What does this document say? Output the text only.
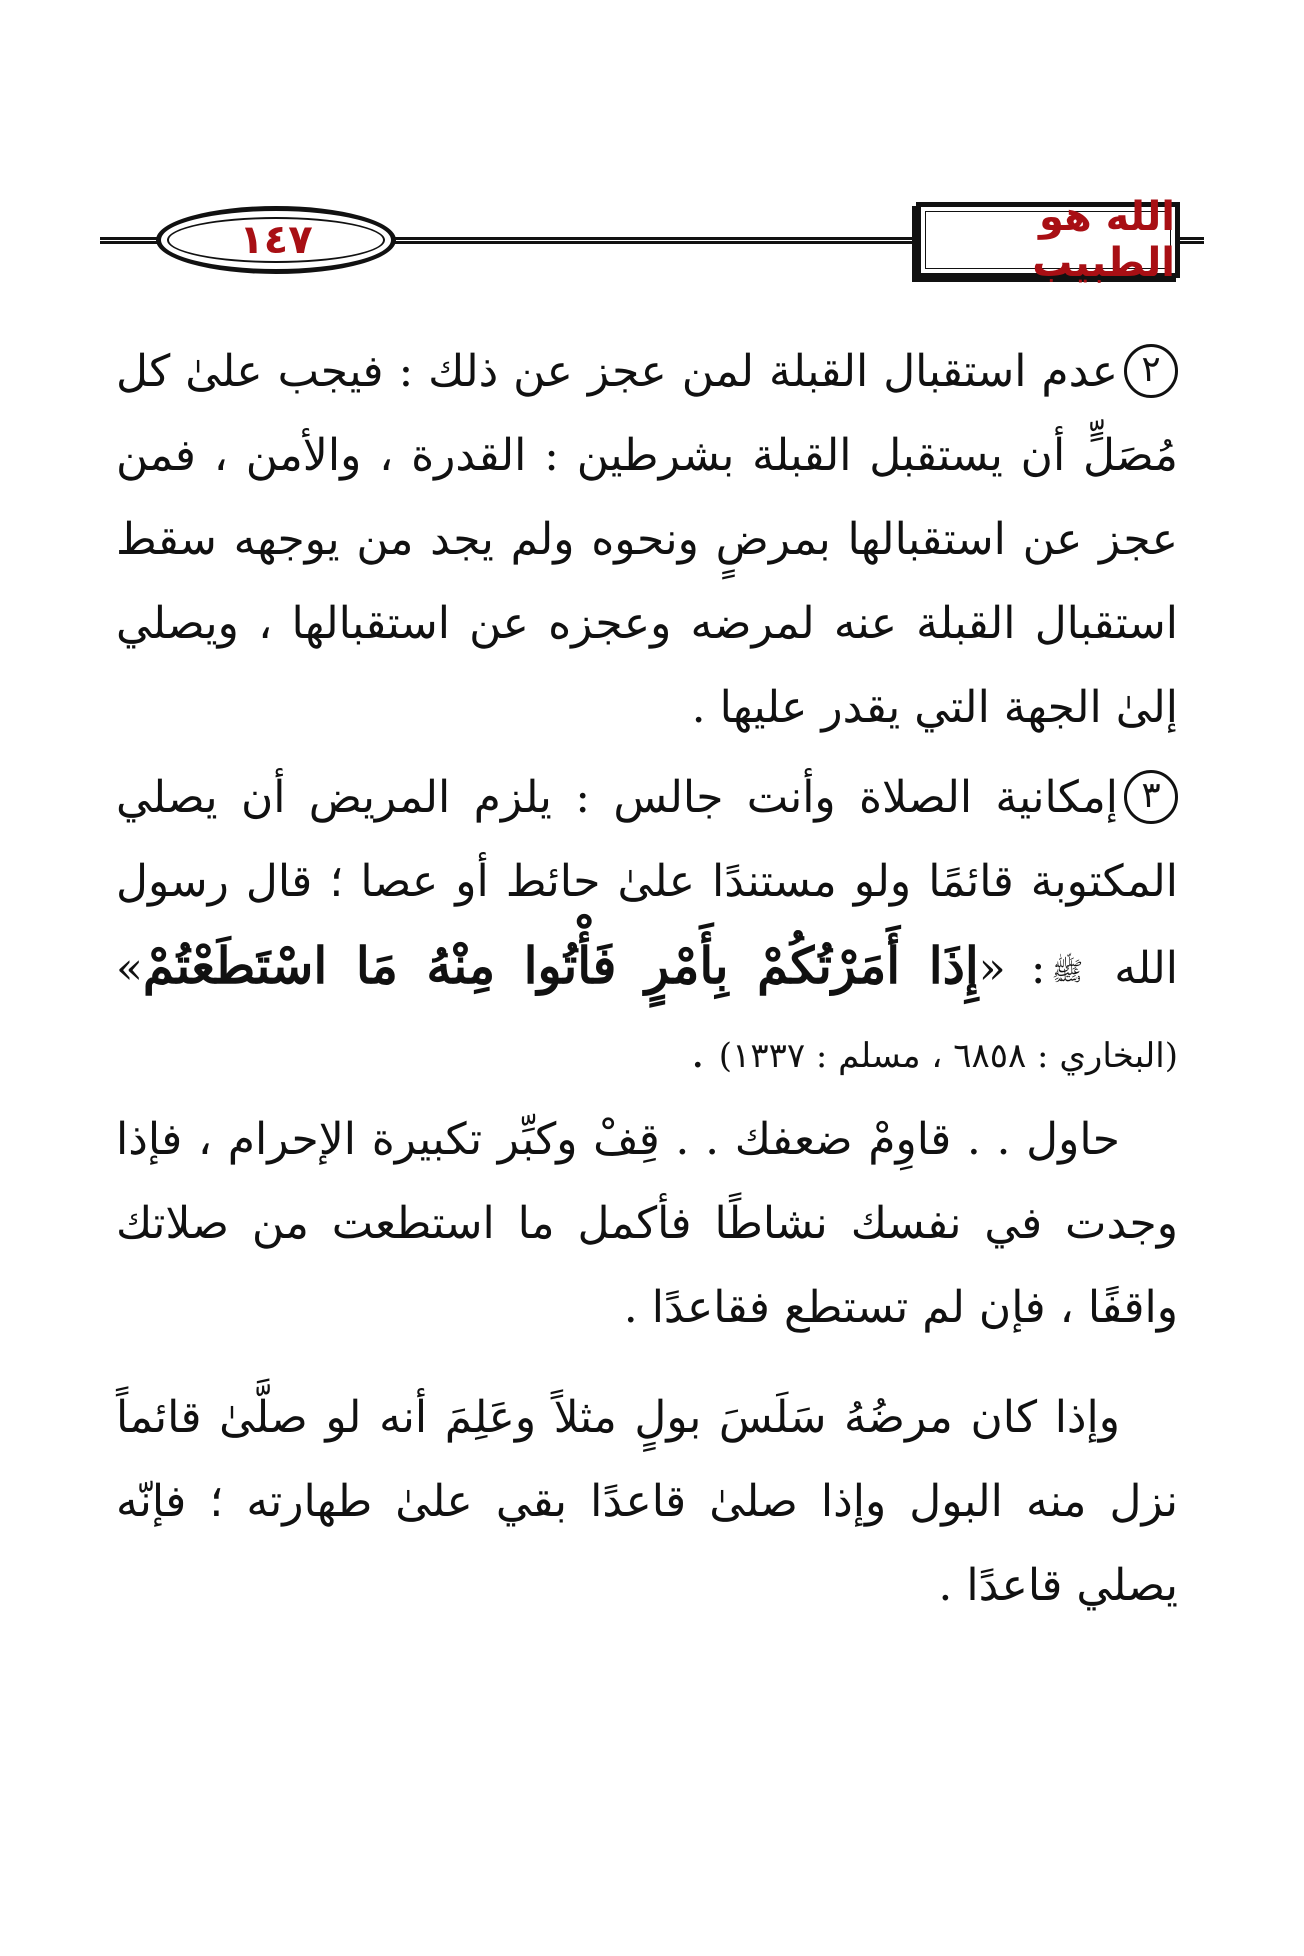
١٤٧	الله هو الطبيب

٢عدم استقبال القبلة لمن عجز عن ذلك : فيجب علىٰ كل مُصَلٍّ أن يستقبل القبلة بشرطين : القدرة ، والأمن ، فمن عجز عن استقبالها بمرضٍ ونحوه ولم يجد من يوجهه سقط استقبال القبلة عنه لمرضه وعجزه عن استقبالها ، ويصلي إلىٰ الجهة التي يقدر عليها .

٣إمكانية الصلاة وأنت جالس : يلزم المريض أن يصلي المكتوبة قائمًا ولو مستندًا علىٰ حائط أو عصا ؛ قال رسول الله ﷺ: «إِذَا أَمَرْتُكُمْ بِأَمْرٍ فَأْتُوا مِنْهُ مَا اسْتَطَعْتُمْ» (البخاري : ٦٨٥٨ ، مسلم : ١٣٣٧) .

حاول . . قاوِمْ ضعفك . . قِفْ وكبِّر تكبيرة الإحرام ، فإذا وجدت في نفسك نشاطًا فأكمل ما استطعت من صلاتك واقفًا ، فإن لم تستطع فقاعدًا .

وإذا كان مرضُهُ سَلَسَ بولٍ مثلاً وعَلِمَ أنه لو صلَّىٰ قائماً نزل منه البول وإذا صلىٰ قاعدًا بقي علىٰ طهارته ؛ فإنّه يصلي قاعدًا .
